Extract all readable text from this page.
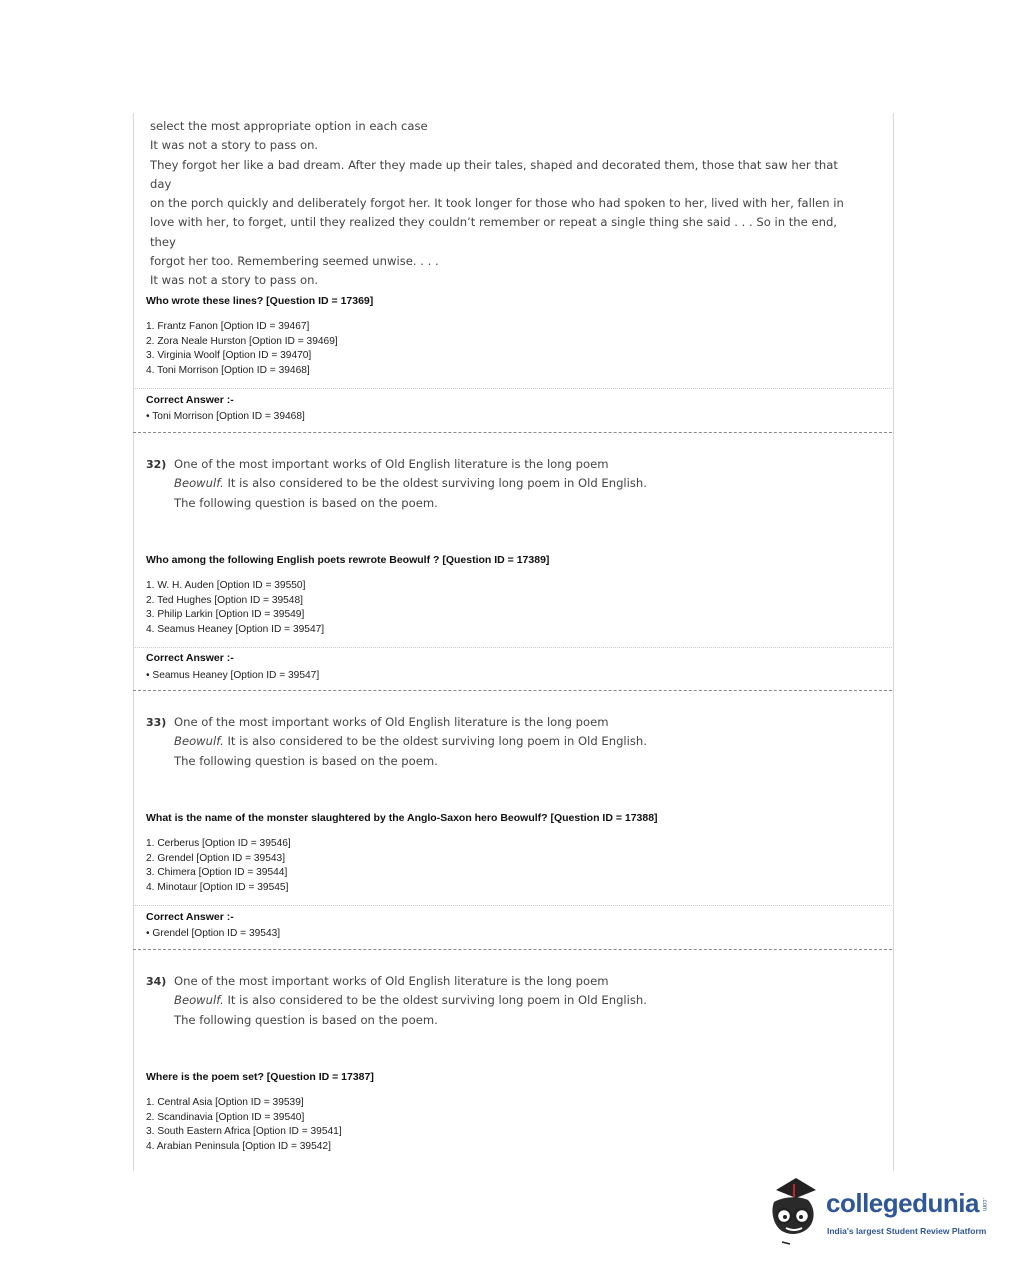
select the most appropriate option in each case

It was not a story to pass on.

They forgot her like a bad dream. After they made up their tales, shaped and decorated them, those that saw her that day

on the porch quickly and deliberately forgot her. It took longer for those who had spoken to her, lived with her, fallen in

love with her, to forget, until they realized they couldn’t remember or repeat a single thing she said . . . So in the end, they

forgot her too. Remembering seemed unwise. . . .

It was not a story to pass on.

Who wrote these lines? [Question ID = 17369]
1. Frantz Fanon [Option ID = 39467]
2. Zora Neale Hurston [Option ID = 39469]
3. Virginia Woolf [Option ID = 39470]
4. Toni Morrison [Option ID = 39468]
Correct Answer :-
• Toni Morrison [Option ID = 39468]
32) One of the most important works of Old English literature is the long poem
Beowulf. It is also considered to be the oldest surviving long poem in Old English.
The following question is based on the poem.
Who among the following English poets rewrote Beowulf ? [Question ID = 17389]
1. W. H. Auden [Option ID = 39550]
2. Ted Hughes [Option ID = 39548]
3. Philip Larkin [Option ID = 39549]
4. Seamus Heaney [Option ID = 39547]
Correct Answer :-
• Seamus Heaney [Option ID = 39547]
33) One of the most important works of Old English literature is the long poem
Beowulf. It is also considered to be the oldest surviving long poem in Old English.
The following question is based on the poem.
What is the name of the monster slaughtered by the Anglo-Saxon hero Beowulf? [Question ID = 17388]
1. Cerberus [Option ID = 39546]
2. Grendel [Option ID = 39543]
3. Chimera [Option ID = 39544]
4. Minotaur [Option ID = 39545]
Correct Answer :-
• Grendel [Option ID = 39543]
34) One of the most important works of Old English literature is the long poem
Beowulf. It is also considered to be the oldest surviving long poem in Old English.
The following question is based on the poem.
Where is the poem set? [Question ID = 17387]
1. Central Asia [Option ID = 39539]
2. Scandinavia [Option ID = 39540]
3. South Eastern Africa [Option ID = 39541]
4. Arabian Peninsula [Option ID = 39542]
collegedunia .com
India's largest Student Review Platform
